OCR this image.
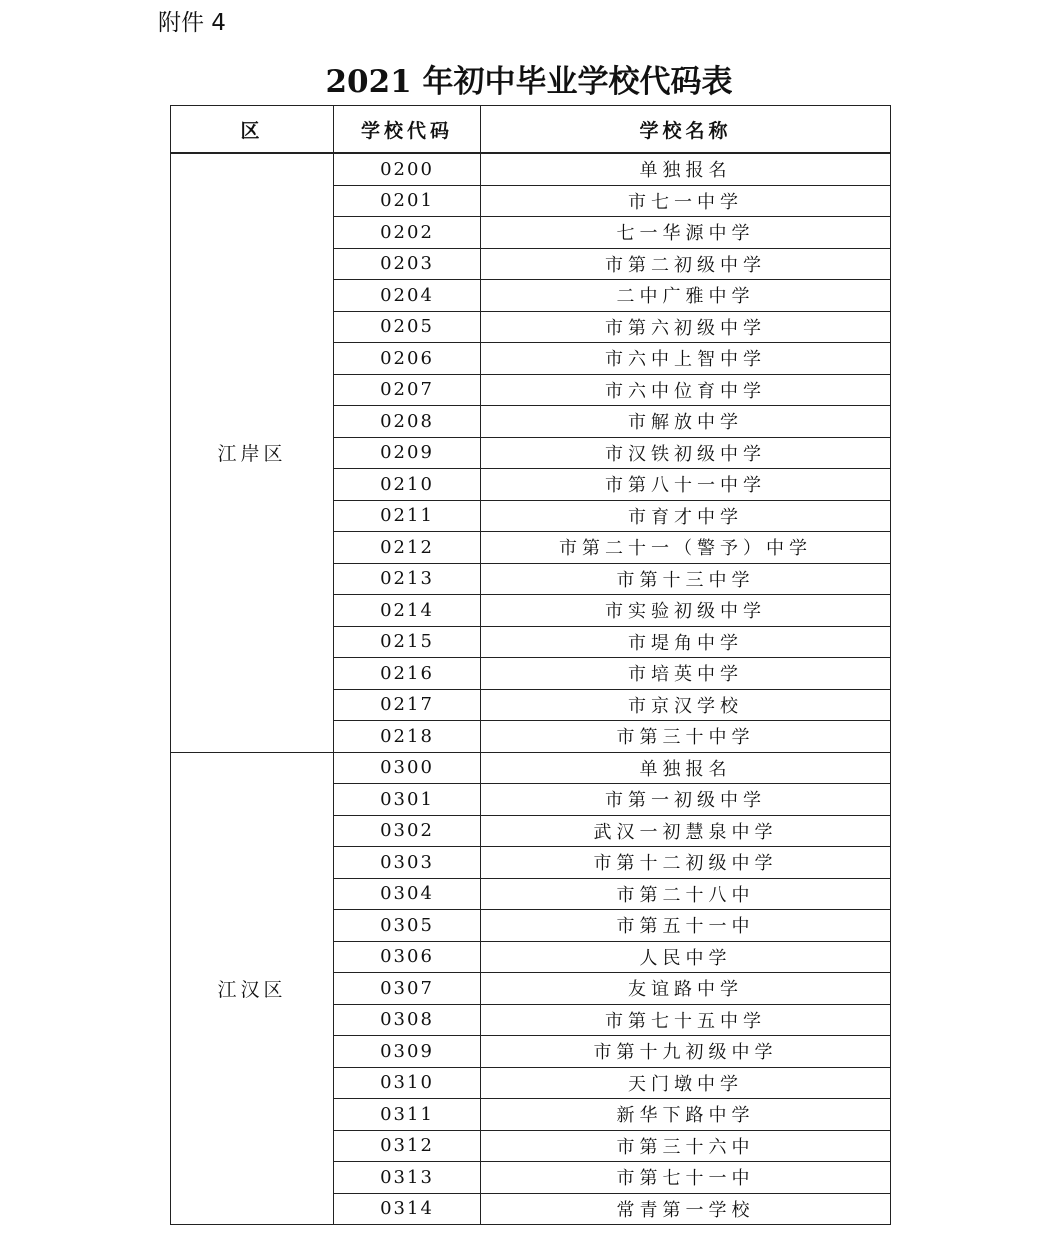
附件 4
2021 年初中毕业学校代码表
区	学校代码	学校名称
江岸区	0200	单独报名
	0201	市七一中学
	0202	七一华源中学
	0203	市第二初级中学
	0204	二中广雅中学
	0205	市第六初级中学
	0206	市六中上智中学
	0207	市六中位育中学
	0208	市解放中学
	0209	市汉铁初级中学
	0210	市第八十一中学
	0211	市育才中学
	0212	市第二十一（警予）中学
	0213	市第十三中学
	0214	市实验初级中学
	0215	市堤角中学
	0216	市培英中学
	0217	市京汉学校
	0218	市第三十中学
江汉区	0300	单独报名
	0301	市第一初级中学
	0302	武汉一初慧泉中学
	0303	市第十二初级中学
	0304	市第二十八中
	0305	市第五十一中
	0306	人民中学
	0307	友谊路中学
	0308	市第七十五中学
	0309	市第十九初级中学
	0310	天门墩中学
	0311	新华下路中学
	0312	市第三十六中
	0313	市第七十一中
	0314	常青第一学校
